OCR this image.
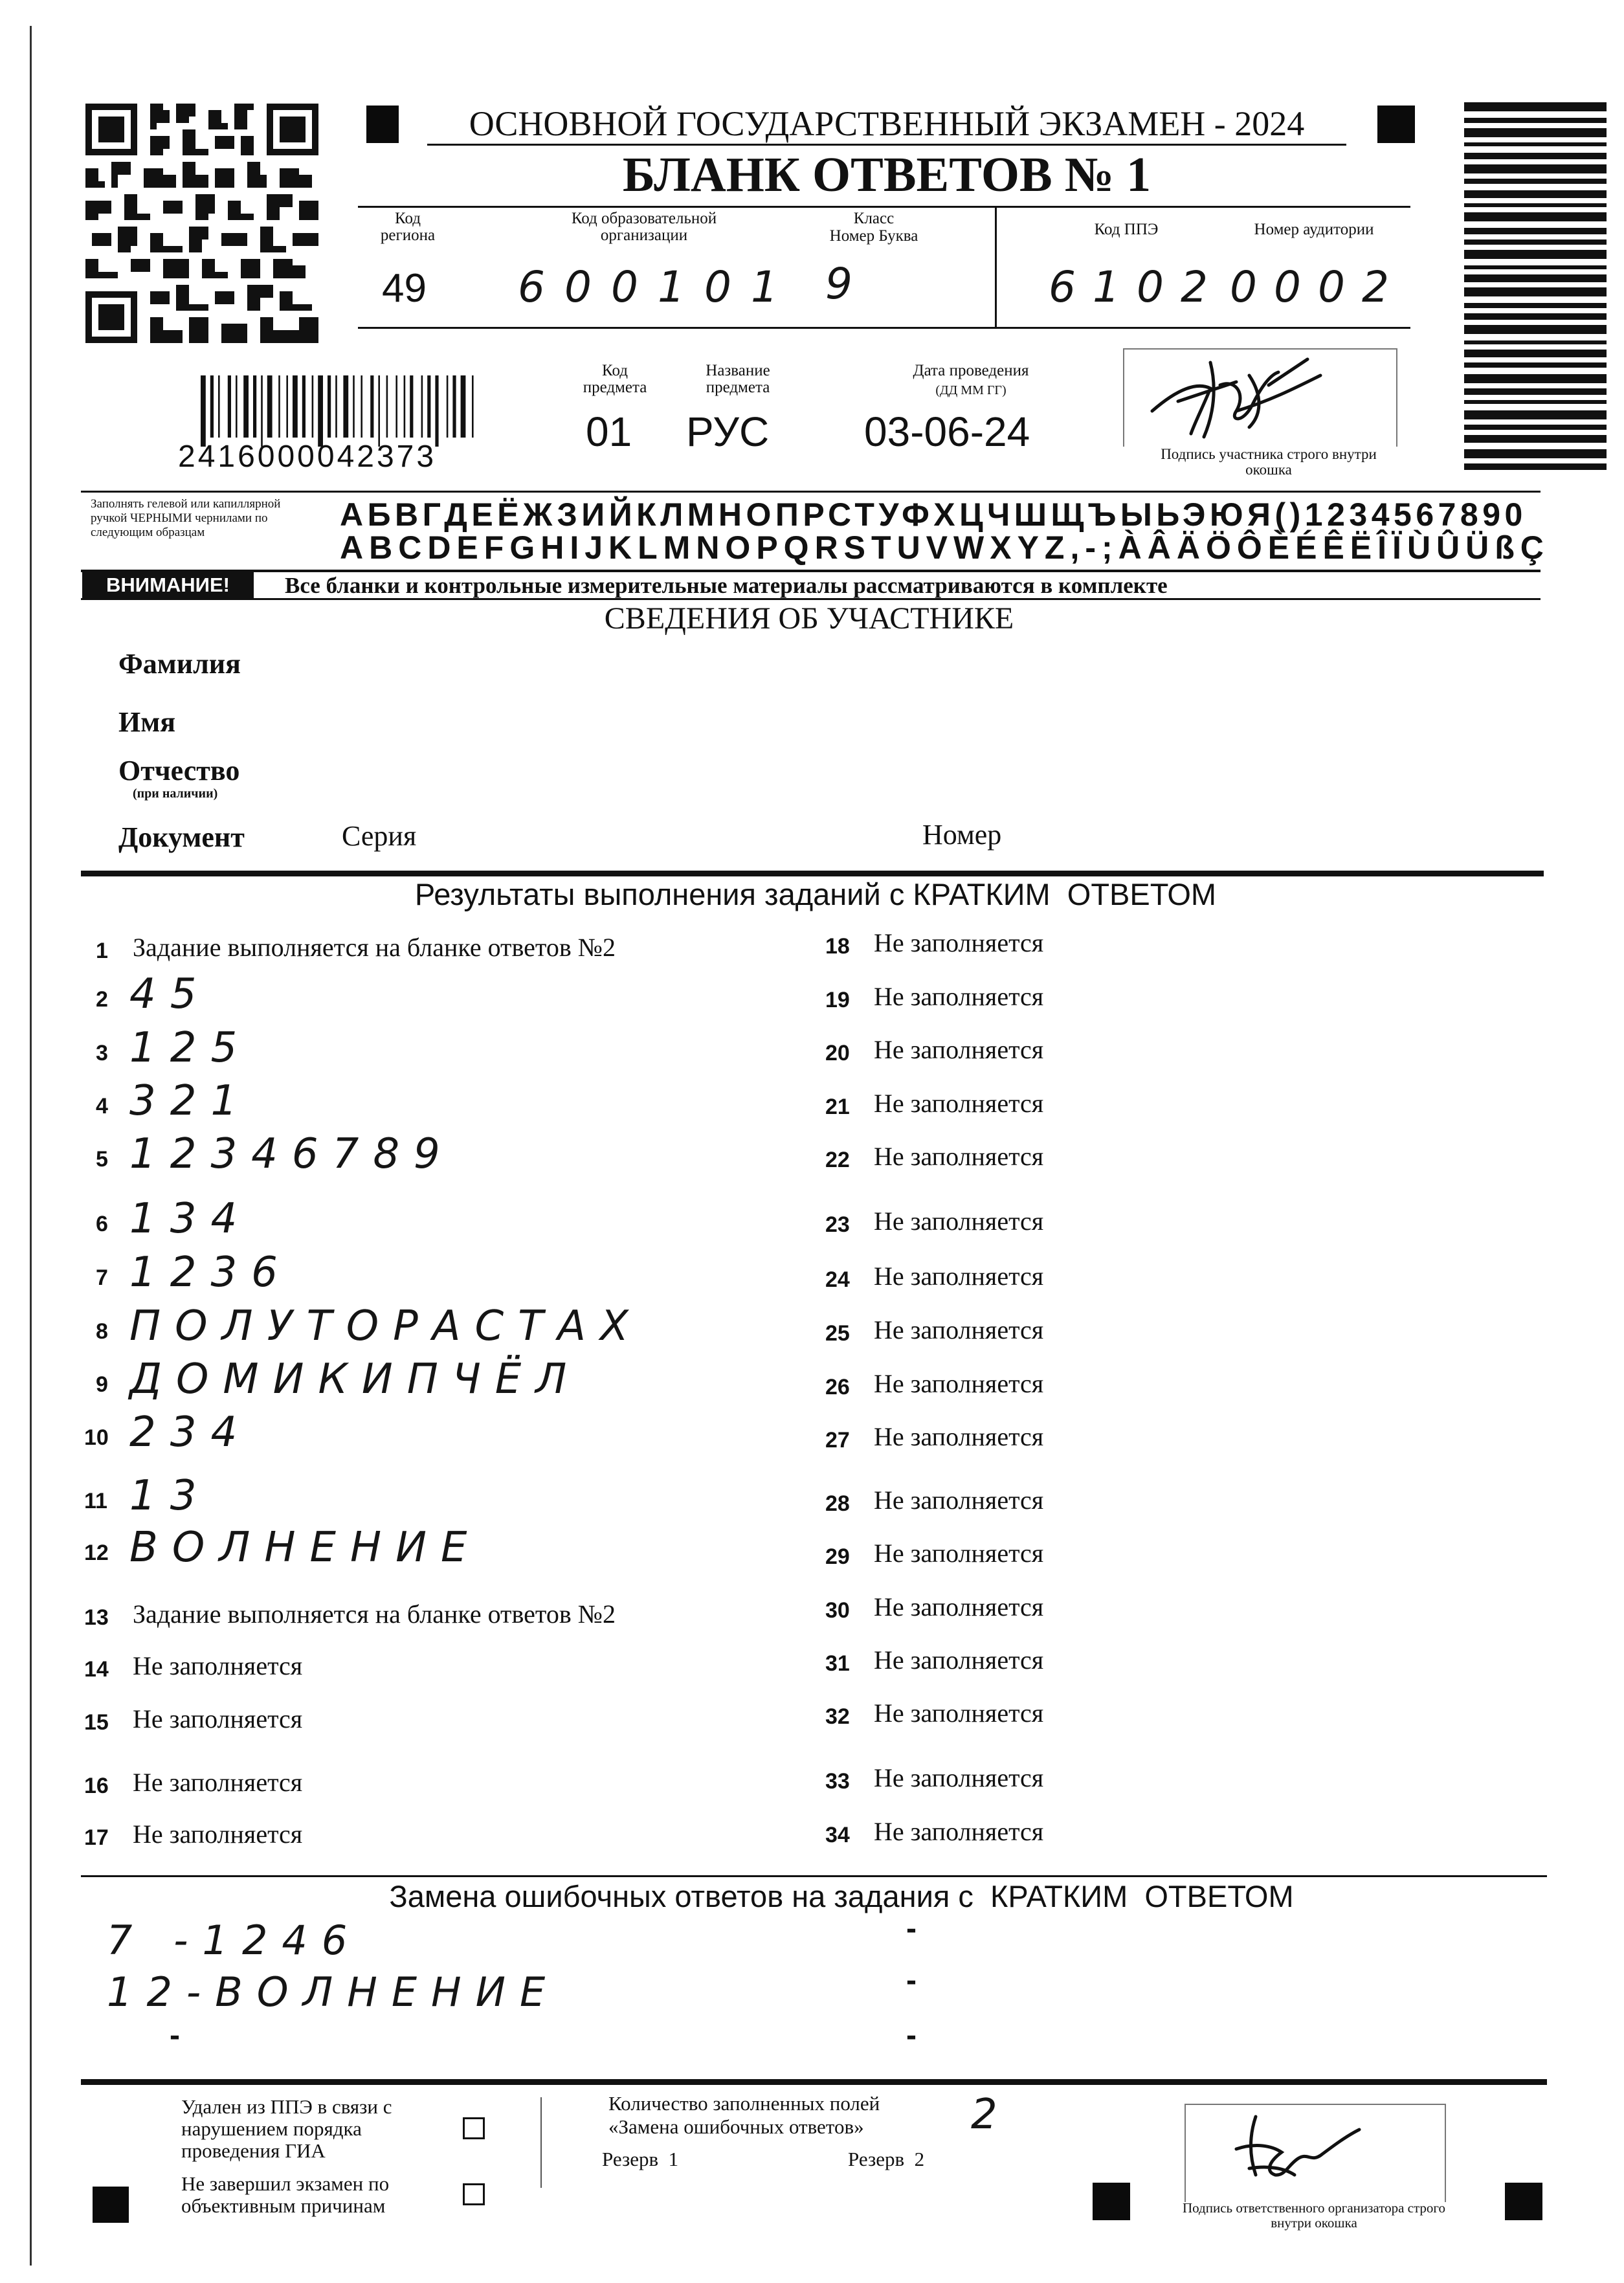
ОСНОВНОЙ ГОСУДАРСТВЕННЫЙ ЭКЗАМЕН - 2024
БЛАНК ОТВЕТОВ № 1
Код региона
49
Код образовательной организации
600101
Класс
Номер Буква
9
Код ППЭ
6102
Номер аудитории
0002
2416000042373
Код предмета
01
Название предмета
РУС
Дата проведения
(ДД ММ ГГ)
03-06-24	Подпись участника строго внутри окошка
Заполнять гелевой или капиллярной ручкой ЧЕРНЫМИ чернилами по следующим образцам	АБВГДЕЁЖЗИЙКЛМНОПРСТУФХЦЧШЩЪЫЬЭЮЯ()1234567890
ABCDEFGHIJKLMNOPQRSTUVWXYZ,-;ÀÂÄÖÔÈÉÊËÎÏÙÛÜßÇ
ВНИМАНИЕ!	Все бланки и контрольные измерительные материалы рассматриваются в комплекте
СВЕДЕНИЯ ОБ УЧАСТНИКЕ
Фамилия
Имя
Отчество
(при наличии)
Документ	Серия	Номер
Результаты выполнения заданий с КРАТКИМ  ОТВЕТОМ
1 Задание выполняется на бланке ответов №2
2 45
3 125
4 321
5 12346789
6 134
7 1236
8 ПОЛУТОРАСТАХ
9 ДОМИКИПЧЁЛ
10 234
11 13
12 ВОЛНЕНИЕ
13 Задание выполняется на бланке ответов №2
14 Не заполняется
15 Не заполняется
16 Не заполняется
17 Не заполняется
18 Не заполняется
19 Не заполняется
20 Не заполняется
21 Не заполняется
22 Не заполняется
23 Не заполняется
24 Не заполняется
25 Не заполняется
26 Не заполняется
27 Не заполняется
28 Не заполняется
29 Не заполняется
30 Не заполняется
31 Не заполняется
32 Не заполняется
33 Не заполняется
34 Не заполняется
Замена ошибочных ответов на задания с  КРАТКИМ  ОТВЕТОМ
7 -1246
12-ВОЛНЕНИЕ
-
-
-
-
Удален из ППЭ в связи с нарушением порядка проведения ГИА
Не завершил экзамен по объективным причинам
Количество заполненных полей «Замена ошибочных ответов»	2
Резерв  1	Резерв  2
Подпись ответственного организатора строго внутри окошка
